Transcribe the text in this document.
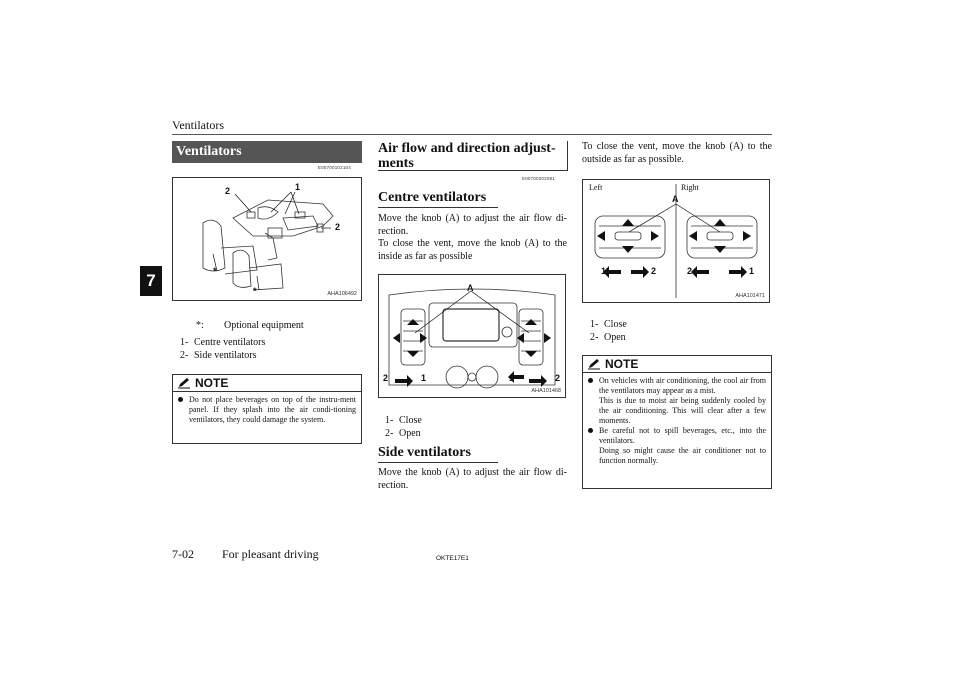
Ventilators
7
Ventilators
E00700102104
1
2
2
*
*	AHA106492
*:	Optional equipment
1- Centre ventilators
2- Side ventilators
NOTE
Do not place beverages on top of the instru-ment panel. If they splash into the air condi-tioning ventilators, they could damage the system.
Air flow and direction adjust-ments
E00700202091
Centre ventilators
Move the knob (A) to adjust the air flow di-rection.
To close the vent, move the knob (A) to the inside as far as possible
A
2	1	1	2
AHA101468
1- Close
2- Open
Side ventilators
Move the knob (A) to adjust the air flow di-rection.
To close the vent, move the knob (A) to the outside as far as possible.
Left	Right
A
1	2	2	1
AHA101471
1- Close
2- Open
NOTE
On vehicles with air conditioning, the cool air from the ventilators may appear as a mist.
This is due to moist air being suddenly cooled by the air conditioning. This will clear after a few moments.
Be careful not to spill beverages, etc., into the ventilators.
Doing so might cause the air conditioner not to function normally.
7-02 For pleasant driving	OKTE17E1
